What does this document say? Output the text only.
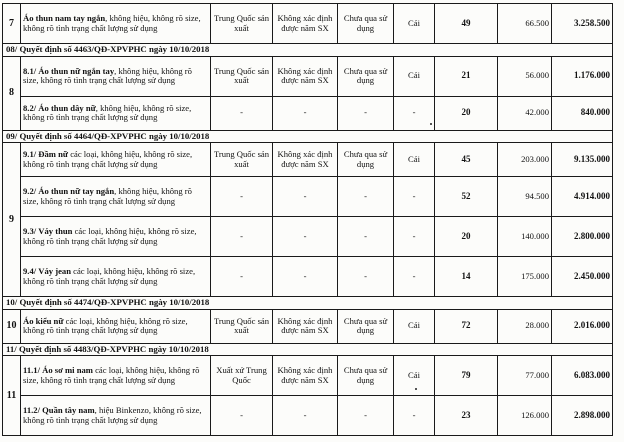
7	Áo thun nam tay ngắn, không hiệu, không rõ size, không rõ tình trạng chất lượng sử dụng	Trung Quốc sản xuất	Không xác định được năm SX	Chưa qua sử dụng	Cái	49	66.500	3.258.500
08/ Quyết định số 4463/QĐ-XPVPHC ngày 10/10/2018								
8	8.1/ Áo thun nữ ngắn tay, không hiệu, không rõ size, không rõ tình trạng chất lượng sử dụng	Trung Quốc sản xuất	Không xác định được năm SX	Chưa qua sử dụng	Cái	21	56.000	1.176.000
	8.2/ Áo thun dây nữ, không hiệu, không rõ size, không rõ tình trạng chất lượng sử dụng	-	-	-	-	20	42.000	840.000
09/ Quyết định số 4464/QĐ-XPVPHC ngày 10/10/2018								
9	9.1/ Đầm nữ các loại, không hiệu, không rõ size, không rõ tình trạng chất lượng sử dụng	Trung Quốc sản xuất	Không xác định được năm SX	Chưa qua sử dụng	Cái	45	203.000	9.135.000
	9.2/ Áo thun nữ tay ngắn, không hiệu, không rõ size, không rõ tình trạng chất lượng sử dụng	-	-	-	-	52	94.500	4.914.000
	9.3/ Váy thun các loại, không hiệu, không rõ size, không rõ tình trạng chất lượng sử dụng	-	-	-	-	20	140.000	2.800.000
	9.4/ Váy jean các loại, không hiệu, không rõ size, không rõ tình trạng chất lượng sử dụng	-	-	-	-	14	175.000	2.450.000
10/ Quyết định số 4474/QĐ-XPVPHC ngày 10/10/2018								
10	Áo kiểu nữ các loại, không hiệu, không rõ size, không rõ tình trạng chất lượng sử dụng	Trung Quốc sản xuất	Không xác định được năm SX	Chưa qua sử dụng	Cái	72	28.000	2.016.000
11/ Quyết định số 4483/QĐ-XPVPHC ngày 10/10/2018								
11	11.1/ Áo sơ mi nam các loại, không hiệu, không rõ size, không rõ tình trạng chất lượng sử dụng	Xuất xứ Trung Quốc	Không xác định được năm SX	Chưa qua sử dụng	Cái	79	77.000	6.083.000
	11.2/ Quần tây nam, hiệu Binkenzo, không rõ size, không rõ tình trạng chất lượng sử dụng	-	-	-	-	23	126.000	2.898.000
